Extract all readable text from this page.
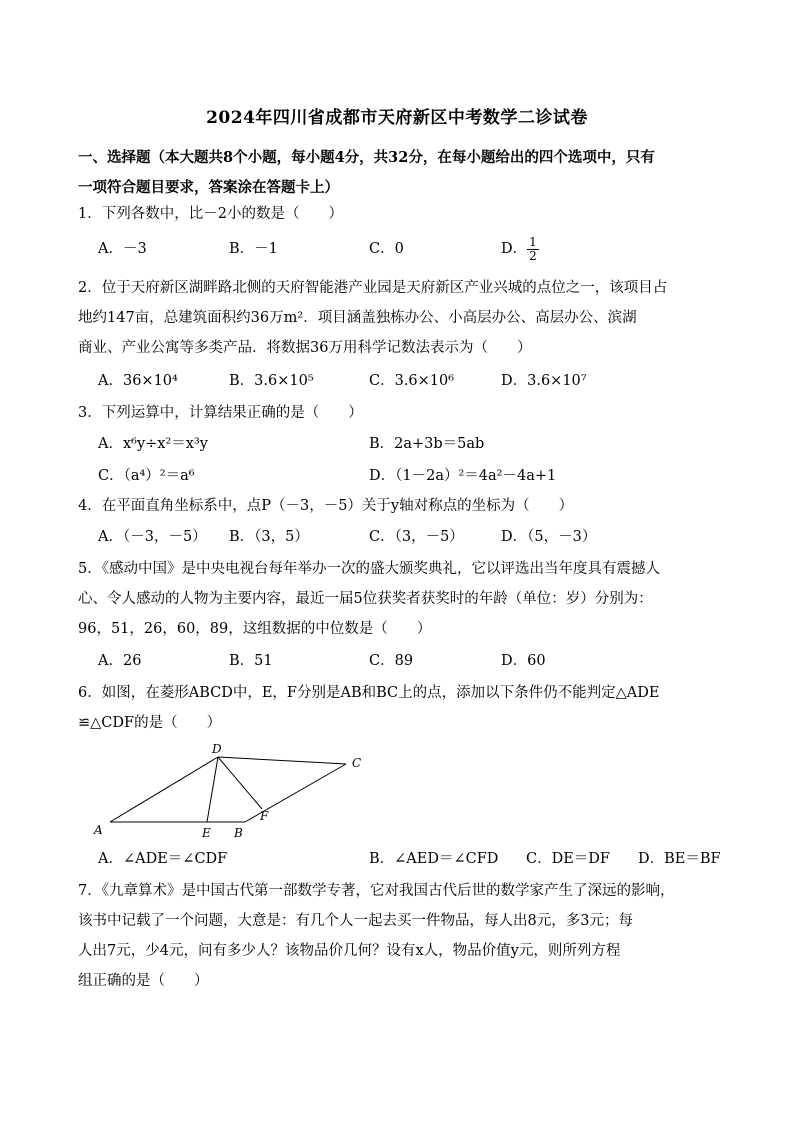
2024年四川省成都市天府新区中考数学二诊试卷
一、选择题（本大题共8个小题，每小题4分，共32分，在每小题给出的四个选项中，只有
一项符合题目要求，答案涂在答题卡上）
1．下列各数中，比－2小的数是（　　）
A．－3	B．－1	C．0	D． $\frac{1}{2}$
2．位于天府新区湖畔路北侧的天府智能港产业园是天府新区产业兴城的点位之一，该项目占
地约147亩，总建筑面积约36万m²．项目涵盖独栋办公、小高层办公、高层办公、滨湖
商业、产业公寓等多类产品．将数据36万用科学记数法表示为（　　）
A．36×10⁴	B．3.6×10⁵	C．3.6×10⁶	D．3.6×10⁷
3．下列运算中，计算结果正确的是（　　）
A．x⁶y÷x²＝x³y	B．2a+3b＝5ab
C．（a⁴）²＝a⁶	D．（1－2a）²＝4a²－4a+1
4．在平面直角坐标系中，点P（－3，－5）关于y轴对称点的坐标为（　　）
A．（－3，－5） B．（3，5）	C．（3，－5）	D．（5，－3）
5．《感动中国》是中央电视台每年举办一次的盛大颁奖典礼，它以评选出当年度具有震撼人
心、令人感动的人物为主要内容，最近一届5位获奖者获奖时的年龄（单位：岁）分别为：
96，51，26，60，89，这组数据的中位数是（　　）
A．26	B．51	C．89	D．60
6．如图，在菱形ABCD中，E，F分别是AB和BC上的点，添加以下条件仍不能判定△ADE
≌△CDF的是（　　）
A	B
C
D
E
F
A．∠ADE＝∠CDF	B．∠AED＝∠CFD C．DE＝DF D．BE＝BF
7．《九章算术》是中国古代第一部数学专著，它对我国古代后世的数学家产生了深远的影响，
该书中记载了一个问题，大意是：有几个人一起去买一件物品，每人出8元，多3元；每
人出7元，少4元，问有多少人？该物品价几何？设有x人，物品价值y元，则所列方程
组正确的是（　　）
